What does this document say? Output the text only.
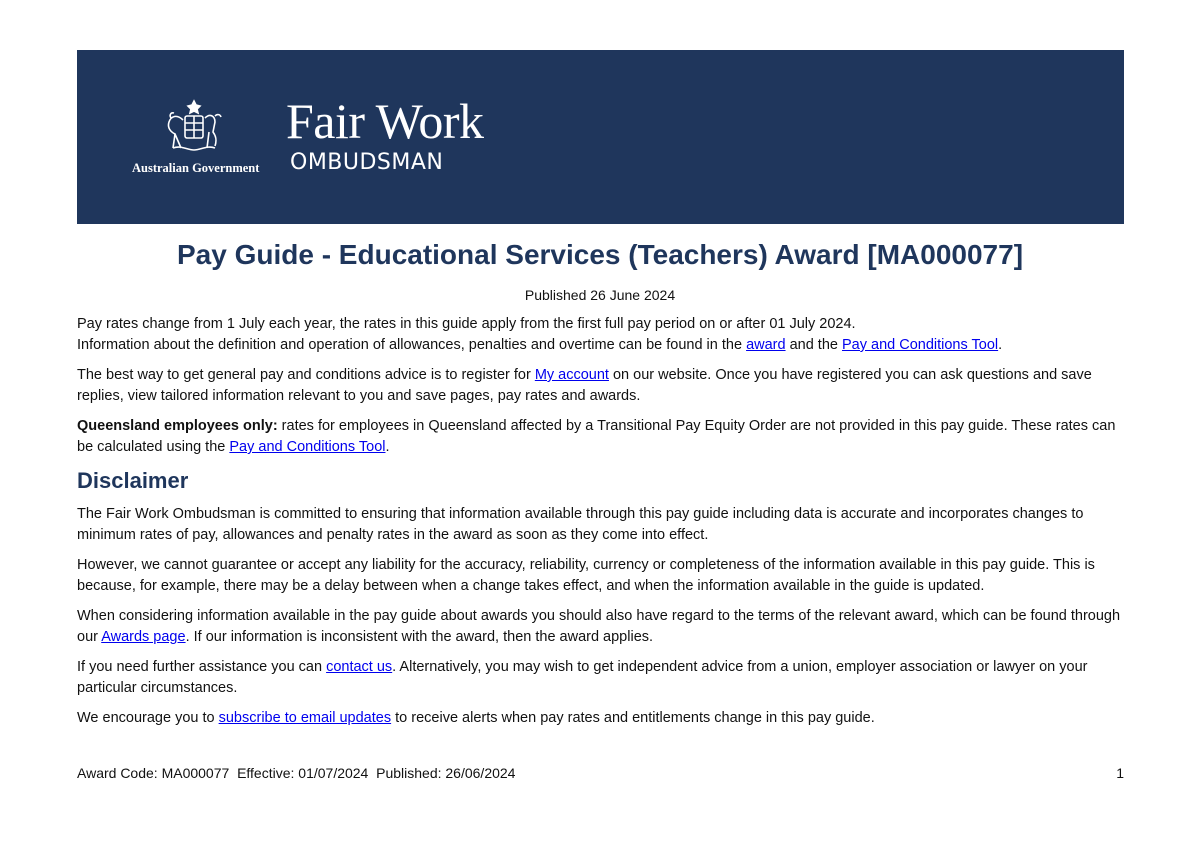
Australian Government
Fair Work
OMBUDSMAN
Pay Guide - Educational Services (Teachers) Award [MA000077]
Published 26 June 2024

Pay rates change from 1 July each year, the rates in this guide apply from the first full pay period on or after 01 July 2024.

Information about the definition and operation of allowances, penalties and overtime can be found in the award and the Pay and Conditions Tool.

The best way to get general pay and conditions advice is to register for My account on our website. Once you have registered you can ask questions and save replies, view tailored information relevant to you and save pages, pay rates and awards.

Queensland employees only: rates for employees in Queensland affected by a Transitional Pay Equity Order are not provided in this pay guide. These rates can be calculated using the Pay and Conditions Tool.

Disclaimer

The Fair Work Ombudsman is committed to ensuring that information available through this pay guide including data is accurate and incorporates changes to minimum rates of pay, allowances and penalty rates in the award as soon as they come into effect.

However, we cannot guarantee or accept any liability for the accuracy, reliability, currency or completeness of the information available in this pay guide. This is because, for example, there may be a delay between when a change takes effect, and when the information available in the guide is updated.

When considering information available in the pay guide about awards you should also have regard to the terms of the relevant award, which can be found through our Awards page. If our information is inconsistent with the award, then the award applies.

If you need further assistance you can contact us. Alternatively, you may wish to get independent advice from a union, employer association or lawyer on your particular circumstances.

We encourage you to subscribe to email updates to receive alerts when pay rates and entitlements change in this pay guide.

Award Code: MA000077  Effective: 01/07/2024  Published: 26/06/2024	1
